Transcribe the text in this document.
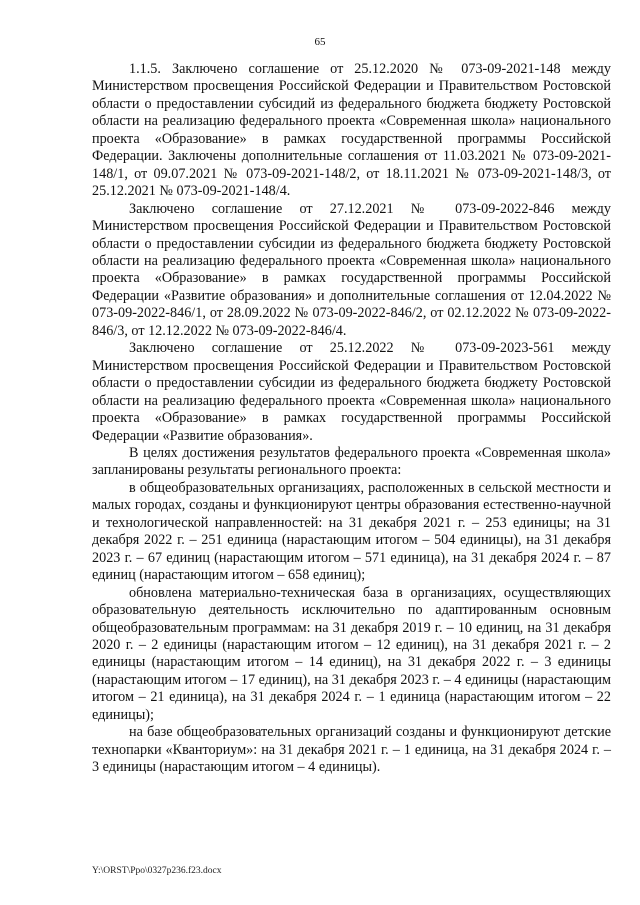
65

1.1.5. Заключено соглашение от 25.12.2020 № 073-09-2021-148 между Министерством просвещения Российской Федерации и Правительством Ростовской области о предоставлении субсидий из федерального бюджета бюджету Ростовской области на реализацию федерального проекта «Современная школа» национального проекта «Образование» в рамках государственной программы Российской Федерации. Заключены дополнительные соглашения от 11.03.2021 № 073-09-2021-148/1, от 09.07.2021 № 073-09-2021-148/2, от 18.11.2021 № 073-09-2021-148/3, от 25.12.2021 № 073-09-2021-148/4.

Заключено соглашение от 27.12.2021 № 073-09-2022-846 между Министерством просвещения Российской Федерации и Правительством Ростовской области о предоставлении субсидии из федерального бюджета бюджету Ростовской области на реализацию федерального проекта «Современная школа» национального проекта «Образование» в рамках государственной программы Российской Федерации «Развитие образования» и дополнительные соглашения от 12.04.2022 № 073-09-2022-846/1, от 28.09.2022 № 073-09-2022-846/2, от 02.12.2022 № 073-09-2022-846/3, от 12.12.2022 № 073-09-2022-846/4.

Заключено соглашение от 25.12.2022 № 073-09-2023-561 между Министерством просвещения Российской Федерации и Правительством Ростовской области о предоставлении субсидии из федерального бюджета бюджету Ростовской области на реализацию федерального проекта «Современная школа» национального проекта «Образование» в рамках государственной программы Российской Федерации «Развитие образования».

В целях достижения результатов федерального проекта «Современная школа» запланированы результаты регионального проекта:

в общеобразовательных организациях, расположенных в сельской местности и малых городах, созданы и функционируют центры образования естественно-научной и технологической направленностей: на 31 декабря 2021 г. – 253 единицы; на 31 декабря 2022 г. – 251 единица (нарастающим итогом – 504 единицы), на 31 декабря 2023 г. – 67 единиц (нарастающим итогом – 571 единица), на 31 декабря 2024 г. – 87 единиц (нарастающим итогом – 658 единиц);

обновлена материально-техническая база в организациях, осуществляющих образовательную деятельность исключительно по адаптированным основным общеобразовательным программам: на 31 декабря 2019 г. – 10 единиц, на 31 декабря 2020 г. – 2 единицы (нарастающим итогом – 12 единиц), на 31 декабря 2021 г. – 2 единицы (нарастающим итогом – 14 единиц), на 31 декабря 2022 г. – 3 единицы (нарастающим итогом – 17 единиц), на 31 декабря 2023 г. – 4 единицы (нарастающим итогом – 21 единица), на 31 декабря 2024 г. – 1 единица (нарастающим итогом – 22 единицы);

на базе общеобразовательных организаций созданы и функционируют детские технопарки «Кванториум»: на 31 декабря 2021 г. – 1 единица, на 31 декабря 2024 г. – 3 единицы (нарастающим итогом – 4 единицы).

Y:\ORST\Ppo\0327p236.f23.docx
